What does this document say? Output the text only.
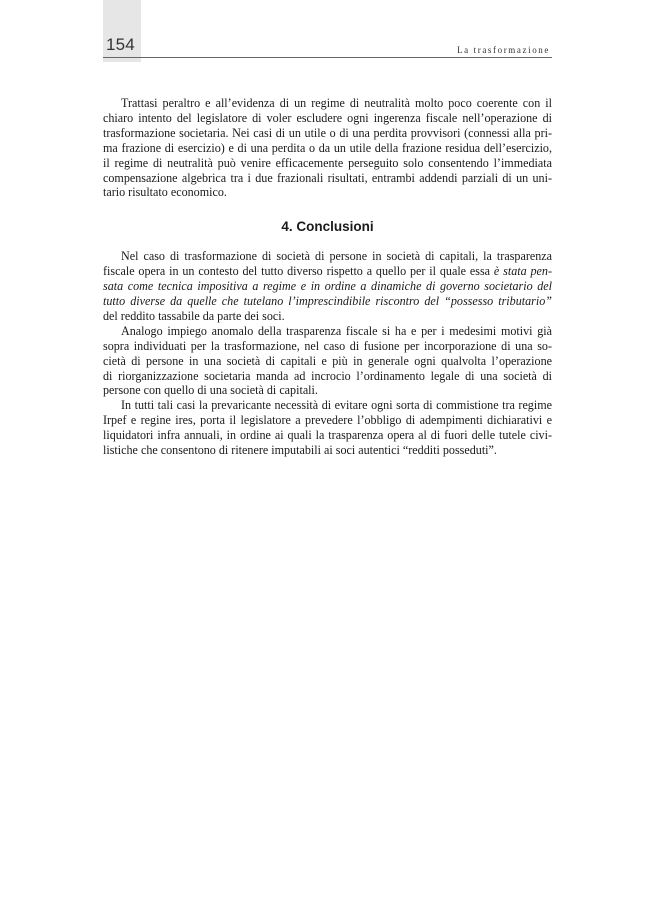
154	La trasformazione

Trattasi peraltro e all’evidenza di un regime di neutralità molto poco coerente con il
chiaro intento del legislatore di voler escludere ogni ingerenza fiscale nell’operazione di
trasformazione societaria. Nei casi di un utile o di una perdita provvisori (connessi alla pri-
ma frazione di esercizio) e di una perdita o da un utile della frazione residua dell’esercizio,
il regime di neutralità può venire efficacemente perseguito solo consentendo l’immediata
compensazione algebrica tra i due frazionali risultati, entrambi addendi parziali di un uni-
tario risultato economico.

4. Conclusioni

Nel caso di trasformazione di società di persone in società di capitali, la trasparenza
fiscale opera in un contesto del tutto diverso rispetto a quello per il quale essa è stata pen-
sata come tecnica impositiva a regime e in ordine a dinamiche di governo societario del
tutto diverse da quelle che tutelano l’imprescindibile riscontro del “possesso tributario”
del reddito tassabile da parte dei soci.

Analogo impiego anomalo della trasparenza fiscale si ha e per i medesimi motivi già
sopra individuati per la trasformazione, nel caso di fusione per incorporazione di una so-
cietà di persone in una società di capitali e più in generale ogni qualvolta l’operazione
di riorganizzazione societaria manda ad incrocio l’ordinamento legale di una società di
persone con quello di una società di capitali.

In tutti tali casi la prevaricante necessità di evitare ogni sorta di commistione tra regime
Irpef e regine ires, porta il legislatore a prevedere l’obbligo di adempimenti dichiarativi e
liquidatori infra annuali, in ordine ai quali la trasparenza opera al di fuori delle tutele civi-
listiche che consentono di ritenere imputabili ai soci autentici “redditi posseduti”.
